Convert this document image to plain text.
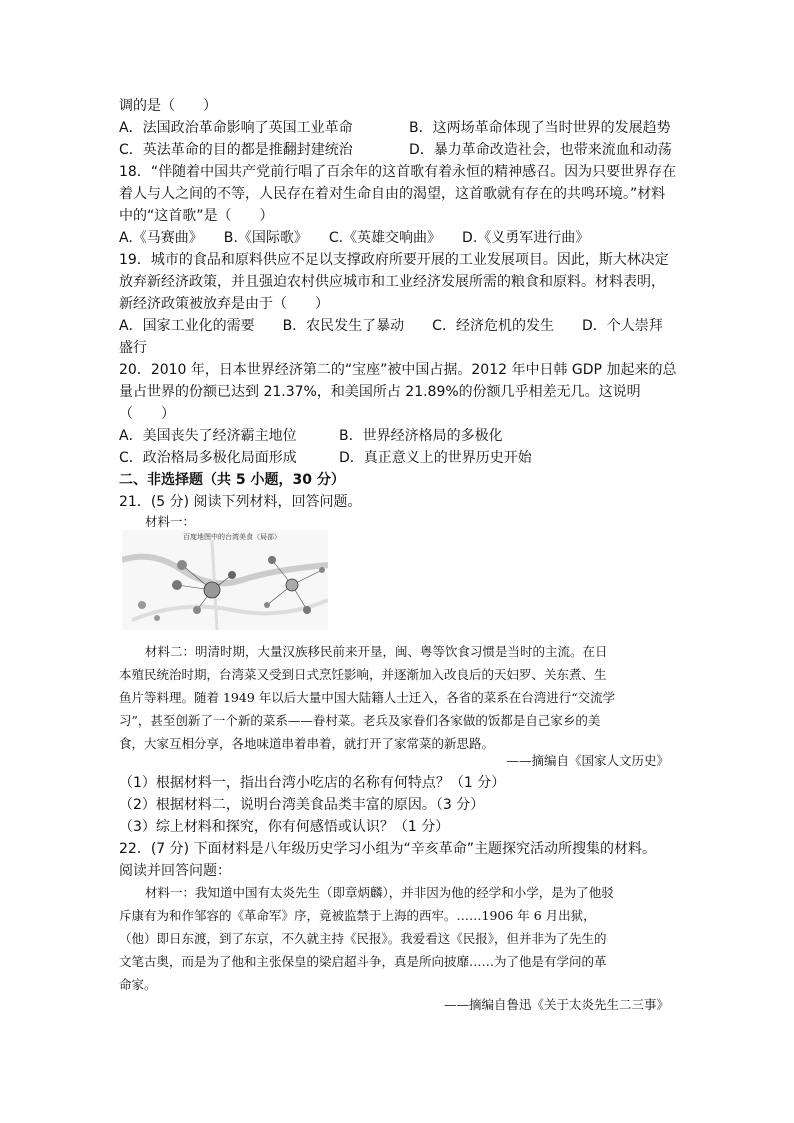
调的是（　　）
A．法国政治革命影响了英国工业革命	B．这两场革命体现了当时世界的发展趋势
C．英法革命的目的都是推翻封建统治	D．暴力革命改造社会，也带来流血和动荡
18．“伴随着中国共产党前行唱了百余年的这首歌有着永恒的精神感召。因为只要世界存在
着人与人之间的不等，人民存在着对生命自由的渴望，这首歌就有存在的共鸣环境。”材料
中的“这首歌”是（　　）
A.《马赛曲》　　B.《国际歌》　　C.《英雄交响曲》　　D.《义勇军进行曲》
19．城市的食品和原料供应不足以支撑政府所要开展的工业发展项目。因此，斯大林决定
放弃新经济政策，并且强迫农村供应城市和工业经济发展所需的粮食和原料。材料表明，
新经济政策被放弃是由于（　　）
A．国家工业化的需要　　B．农民发生了暴动　　C．经济危机的发生　　D．个人崇拜
盛行
20．2010 年，日本世界经济第二的“宝座”被中国占据。2012 年中日韩 GDP 加起来的总
量占世界的份额已达到 21.37%，和美国所占 21.89%的份额几乎相差无几。这说明
（　　）
A．美国丧失了经济霸主地位	B．世界经济格局的多极化
C．政治格局多极化局面形成	D．真正意义上的世界历史开始
二、非选择题（共 5 小题，30 分）
21．(5 分) 阅读下列材料，回答问题。
材料一：
百度地图中的台湾美食（局部）
材料二：明清时期，大量汉族移民前来开垦，闽、粤等饮食习惯是当时的主流。在日
本殖民统治时期，台湾菜又受到日式烹饪影响，并逐渐加入改良后的天妇罗、关东煮、生
鱼片等料理。随着 1949 年以后大量中国大陆籍人士迁入，各省的菜系在台湾进行“交流学
习”，甚至创新了一个新的菜系——眷村菜。老兵及家眷们各家做的饭都是自己家乡的美
食，大家互相分享，各地味道串着串着，就打开了家常菜的新思路。
——摘编自《国家人文历史》
（1）根据材料一，指出台湾小吃店的名称有何特点？（1 分）
（2）根据材料二，说明台湾美食品类丰富的原因。（3 分）
（3）综上材料和探究，你有何感悟或认识？（1 分）
22．(7 分) 下面材料是八年级历史学习小组为“辛亥革命”主题探究活动所搜集的材料。
阅读并回答问题：
材料一：我知道中国有太炎先生（即章炳麟），并非因为他的经学和小学，是为了他驳
斥康有为和作邹容的《革命军》序，竟被监禁于上海的西牢。……1906 年 6 月出狱，
（他）即日东渡，到了东京，不久就主持《民报》。我爱看这《民报》，但并非为了先生的
文笔古奥，而是为了他和主张保皇的梁启超斗争，真是所向披靡……为了他是有学问的革
命家。
——摘编自鲁迅《关于太炎先生二三事》
